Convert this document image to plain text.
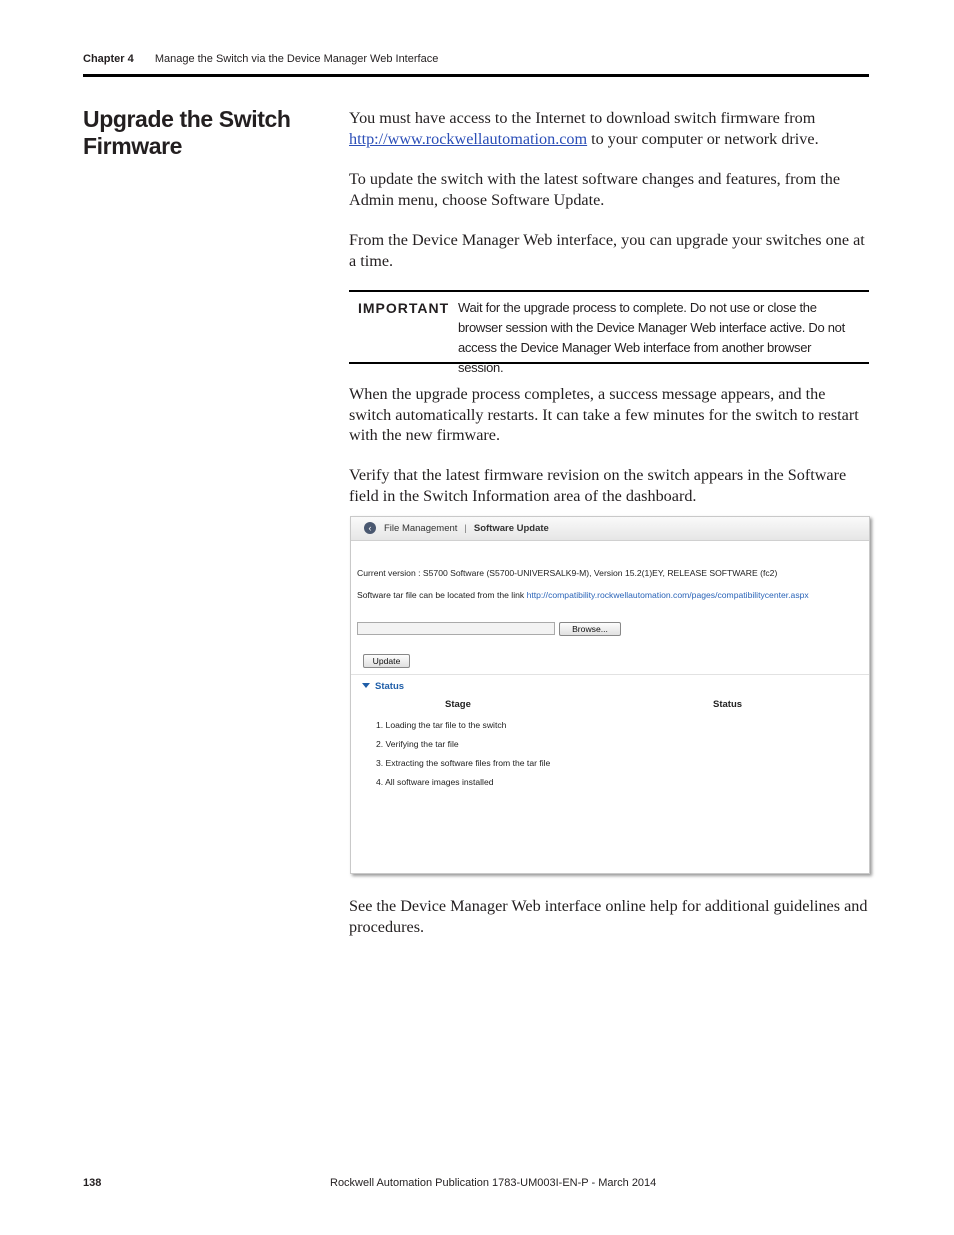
Chapter 4 Manage the Switch via the Device Manager Web Interface
Upgrade the Switch Firmware

You must have access to the Internet to download switch firmware from
http://www.rockwellautomation.com to your computer or network drive.

To update the switch with the latest software changes and features, from the Admin menu, choose Software Update.
From the Device Manager Web interface, you can upgrade your switches one at a time.
IMPORTANT Wait for the upgrade process to complete. Do not use or close the browser session with the Device Manager Web interface active. Do not access the Device Manager Web interface from another browser session.
When the upgrade process completes, a success message appears, and the switch automatically restarts. It can take a few minutes for the switch to restart with the new firmware.
Verify that the latest firmware revision on the switch appears in the Software field in the Switch Information area of the dashboard.
‹	File Management | Software Update
Current version : S5700 Software (S5700-UNIVERSALK9-M), Version 15.2(1)EY, RELEASE SOFTWARE (fc2)
Software tar file can be located from the link http://compatibility.rockwellautomation.com/pages/compatibilitycenter.aspx
Browse...
Update
Status
Stage	Status
1. Loading the tar file to the switch
2. Verifying the tar file
3. Extracting the software files from the tar file
4. All software images installed
See the Device Manager Web interface online help for additional guidelines and procedures.
138	Rockwell Automation Publication 1783-UM003I-EN-P - March 2014
